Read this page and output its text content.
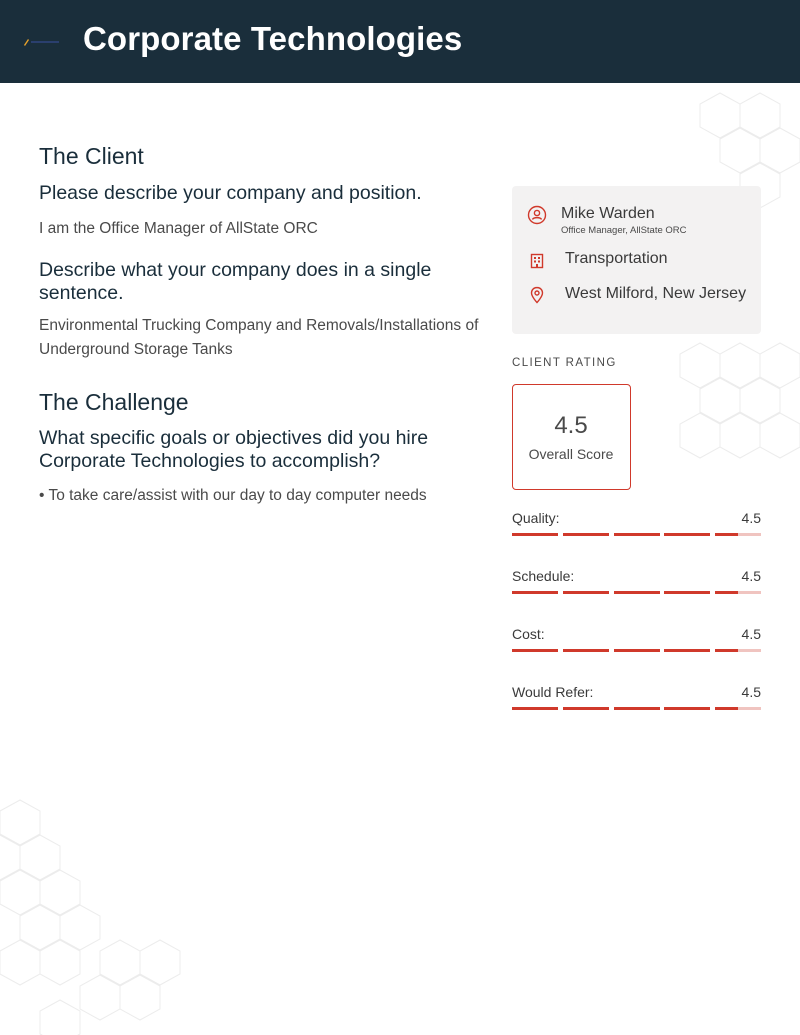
Corporate Technologies
The Client
Please describe your company and position.
I am the Office Manager of AllState ORC
Describe what your company does in a single sentence.
Environmental Trucking Company and Removals/Installations of Underground Storage Tanks
The Challenge
What specific goals or objectives did you hire Corporate Technologies to accomplish?
• To take care/assist with our day to day computer needs
Mike Warden
Office Manager, AllState ORC
Transportation
West Milford, New Jersey
CLIENT RATING
4.5
Overall Score
Quality:	4.5
Schedule:	4.5
Cost:	4.5
Would Refer:	4.5
